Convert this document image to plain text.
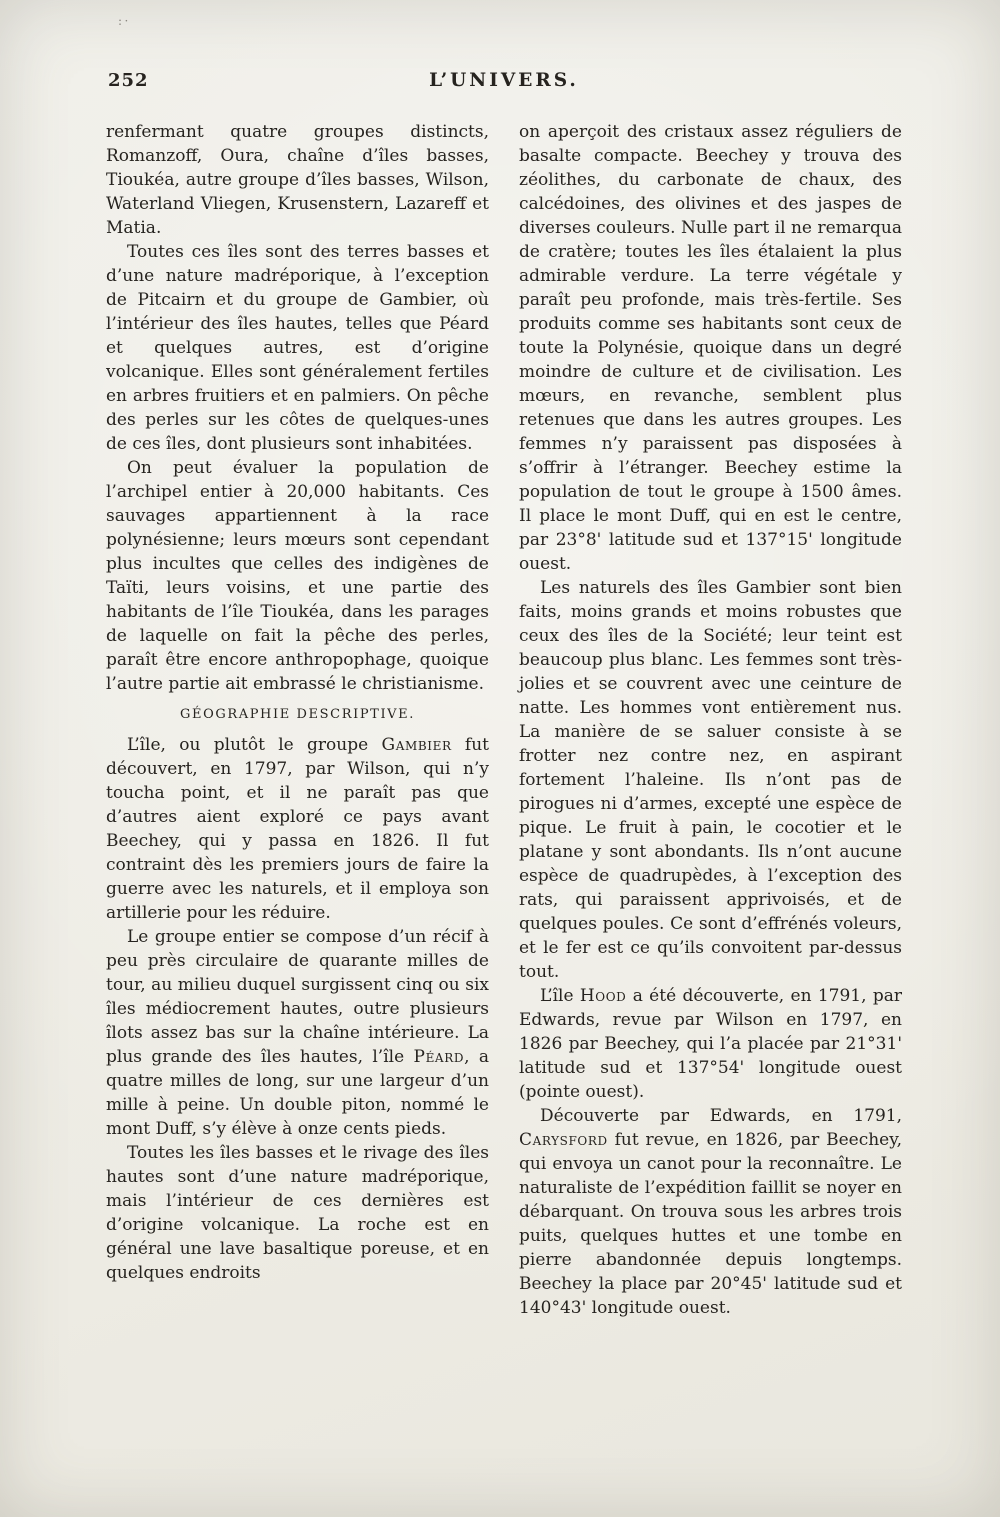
: ·
252	L’UNIVERS.

renfermant quatre groupes distincts, Romanzoff, Oura, chaîne d’îles basses, Tioukéa, autre groupe d’îles basses, Wilson, Waterland Vliegen, Krusenstern, Lazareff et Matia.

Toutes ces îles sont des terres basses et d’une nature madréporique, à l’exception de Pitcairn et du groupe de Gambier, où l’intérieur des îles hautes, telles que Péard et quelques autres, est d’origine volcanique. Elles sont généralement fertiles en arbres fruitiers et en palmiers. On pêche des perles sur les côtes de quelques-unes de ces îles, dont plusieurs sont inhabitées.

On peut évaluer la population de l’archipel entier à 20,000 habitants. Ces sauvages appartiennent à la race polynésienne; leurs mœurs sont cependant plus incultes que celles des indigènes de Taïti, leurs voisins, et une partie des habitants de l’île Tioukéa, dans les parages de laquelle on fait la pêche des perles, paraît être encore anthropophage, quoique l’autre partie ait embrassé le christianisme.

GÉOGRAPHIE DESCRIPTIVE.

L’île, ou plutôt le groupe Gambier fut découvert, en 1797, par Wilson, qui n’y toucha point, et il ne paraît pas que d’autres aient exploré ce pays avant Beechey, qui y passa en 1826. Il fut contraint dès les premiers jours de faire la guerre avec les naturels, et il employa son artillerie pour les réduire.

Le groupe entier se compose d’un récif à peu près circulaire de quarante milles de tour, au milieu duquel surgissent cinq ou six îles médiocrement hautes, outre plusieurs îlots assez bas sur la chaîne intérieure. La plus grande des îles hautes, l’île Péard, a quatre milles de long, sur une largeur d’un mille à peine. Un double piton, nommé le mont Duff, s’y élève à onze cents pieds.

Toutes les îles basses et le rivage des îles hautes sont d’une nature madréporique, mais l’intérieur de ces dernières est d’origine volcanique. La roche est en général une lave basaltique poreuse, et en quelques endroits

on aperçoit des cristaux assez réguliers de basalte compacte. Beechey y trouva des zéolithes, du carbonate de chaux, des calcédoines, des olivines et des jaspes de diverses couleurs. Nulle part il ne remarqua de cratère; toutes les îles étalaient la plus admirable verdure. La terre végétale y paraît peu profonde, mais très-fertile. Ses produits comme ses habitants sont ceux de toute la Polynésie, quoique dans un degré moindre de culture et de civilisation. Les mœurs, en revanche, semblent plus retenues que dans les autres groupes. Les femmes n’y paraissent pas disposées à s’offrir à l’étranger. Beechey estime la population de tout le groupe à 1500 âmes. Il place le mont Duff, qui en est le centre, par 23°8' latitude sud et 137°15' longitude ouest.

Les naturels des îles Gambier sont bien faits, moins grands et moins robustes que ceux des îles de la Société; leur teint est beaucoup plus blanc. Les femmes sont très-jolies et se couvrent avec une ceinture de natte. Les hommes vont entièrement nus. La manière de se saluer consiste à se frotter nez contre nez, en aspirant fortement l’haleine. Ils n’ont pas de pirogues ni d’armes, excepté une espèce de pique. Le fruit à pain, le cocotier et le platane y sont abondants. Ils n’ont aucune espèce de quadrupèdes, à l’exception des rats, qui paraissent apprivoisés, et de quelques poules. Ce sont d’effrénés voleurs, et le fer est ce qu’ils convoitent par-dessus tout.

L’île Hood a été découverte, en 1791, par Edwards, revue par Wilson en 1797, en 1826 par Beechey, qui l’a placée par 21°31' latitude sud et 137°54' longitude ouest (pointe ouest).

Découverte par Edwards, en 1791, Carysford fut revue, en 1826, par Beechey, qui envoya un canot pour la reconnaître. Le naturaliste de l’expédition faillit se noyer en débarquant. On trouva sous les arbres trois puits, quelques huttes et une tombe en pierre abandonnée depuis longtemps. Beechey la place par 20°45' latitude sud et 140°43' longitude ouest.
